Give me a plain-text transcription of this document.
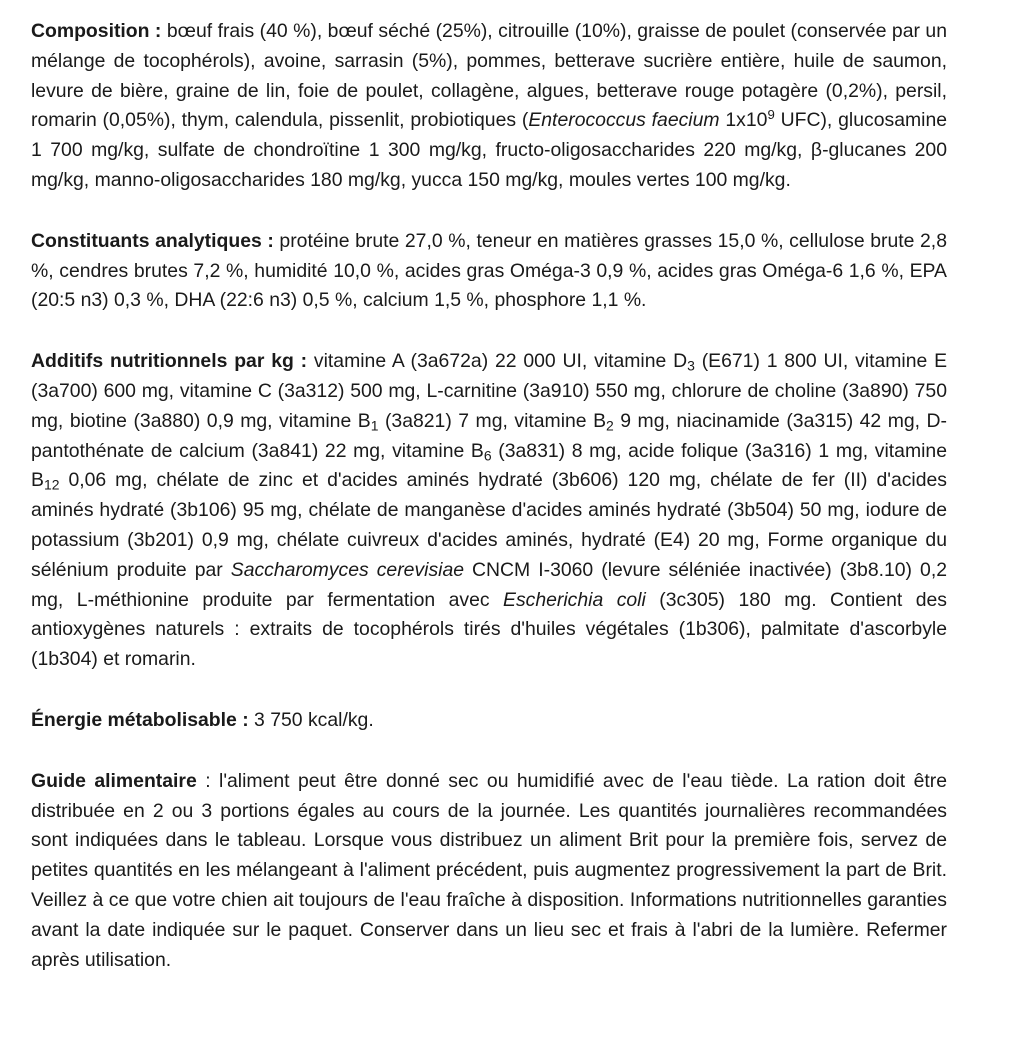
Composition : bœuf frais (40 %), bœuf séché (25%), citrouille (10%), graisse de poulet (conservée par un mélange de tocophérols), avoine, sarrasin (5%), pommes, betterave sucrière entière, huile de saumon, levure de bière, graine de lin, foie de poulet, collagène, algues, betterave rouge potagère (0,2%), persil, romarin (0,05%), thym, calendula, pissenlit, probiotiques (Enterococcus faecium $1x10^9$ UFC), glucosamine 1 700 mg/kg, sulfate de chondroïtine 1 300 mg/kg, fructo-oligosaccharides 220 mg/kg, β-glucanes 200 mg/kg, manno-oligosaccharides 180 mg/kg, yucca 150 mg/kg, moules vertes 100 mg/kg.

Constituants analytiques : protéine brute 27,0 %, teneur en matières grasses 15,0 %, cellulose brute 2,8 %, cendres brutes 7,2 %, humidité 10,0 %, acides gras Oméga-3 0,9 %, acides gras Oméga-6 1,6 %, EPA (20:5 n3) 0,3 %, DHA (22:6 n3) 0,5 %, calcium 1,5 %, phosphore 1,1 %.

Additifs nutritionnels par kg : vitamine A (3a672a) 22 000 UI, vitamine $D_3$ (E671) 1 800 UI, vitamine E (3a700) 600 mg, vitamine C (3a312) 500 mg, L-carnitine (3a910) 550 mg, chlorure de choline (3a890) 750 mg, biotine (3a880) 0,9 mg, vitamine $B_1$ (3a821) 7 mg, vitamine $B_2$ 9 mg, niacinamide (3a315) 42 mg, D-pantothénate de calcium (3a841) 22 mg, vitamine $B_6$ (3a831) 8 mg, acide folique (3a316) 1 mg, vitamine $B_{12}$ 0,06 mg, chélate de zinc et d'acides aminés hydraté (3b606) 120 mg, chélate de fer (II) d'acides aminés hydraté (3b106) 95 mg, chélate de manganèse d'acides aminés hydraté (3b504) 50 mg, iodure de potassium (3b201) 0,9 mg, chélate cuivreux d'acides aminés, hydraté (E4) 20 mg, Forme organique du sélénium produite par Saccharomyces cerevisiae CNCM I-3060 (levure séléniée inactivée) (3b8.10) 0,2 mg, L-méthionine produite par fermentation avec Escherichia coli (3c305) 180 mg. Contient des antioxygènes naturels : extraits de tocophérols tirés d'huiles végétales (1b306), palmitate d'ascorbyle (1b304) et romarin.

Énergie métabolisable : 3 750 kcal/kg.

Guide alimentaire : l'aliment peut être donné sec ou humidifié avec de l'eau tiède. La ration doit être distribuée en 2 ou 3 portions égales au cours de la journée. Les quantités journalières recommandées sont indiquées dans le tableau. Lorsque vous distribuez un aliment Brit pour la première fois, servez de petites quantités en les mélangeant à l'aliment précédent, puis augmentez progressivement la part de Brit. Veillez à ce que votre chien ait toujours de l'eau fraîche à disposition. Informations nutritionnelles garanties avant la date indiquée sur le paquet. Conserver dans un lieu sec et frais à l'abri de la lumière. Refermer après utilisation.
